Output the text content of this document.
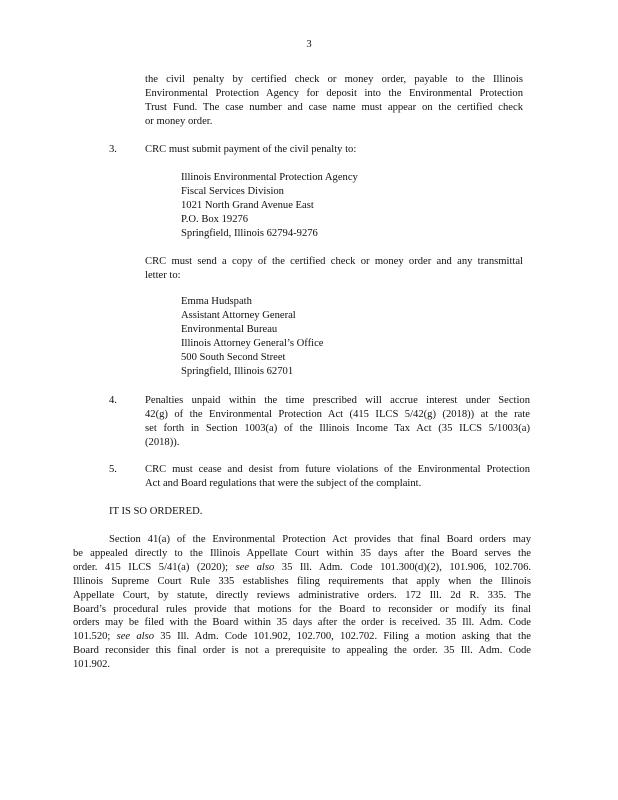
3
the civil penalty by certified check or money order, payable to the Illinois
Environmental Protection Agency for deposit into the Environmental Protection
Trust Fund. The case number and case name must appear on the certified check
or money order.
3.	CRC must submit payment of the civil penalty to:
Illinois Environmental Protection Agency
Fiscal Services Division
1021 North Grand Avenue East
P.O. Box 19276
Springfield, Illinois 62794-9276
CRC must send a copy of the certified check or money order and any transmittal
letter to:
Emma Hudspath
Assistant Attorney General
Environmental Bureau
Illinois Attorney General’s Office
500 South Second Street
Springfield, Illinois 62701
4.	Penalties unpaid within the time prescribed will accrue interest under Section
42(g) of the Environmental Protection Act (415 ILCS 5/42(g) (2018)) at the rate
set forth in Section 1003(a) of the Illinois Income Tax Act (35 ILCS 5/1003(a)
(2018)).
5.	CRC must cease and desist from future violations of the Environmental Protection
Act and Board regulations that were the subject of the complaint.
IT IS SO ORDERED.
Section 41(a) of the Environmental Protection Act provides that final Board orders may
be appealed directly to the Illinois Appellate Court within 35 days after the Board serves the
order. 415 ILCS 5/41(a) (2020); see also 35 Ill. Adm. Code 101.300(d)(2), 101.906, 102.706.
Illinois Supreme Court Rule 335 establishes filing requirements that apply when the Illinois
Appellate Court, by statute, directly reviews administrative orders. 172 Ill. 2d R. 335. The
Board’s procedural rules provide that motions for the Board to reconsider or modify its final
orders may be filed with the Board within 35 days after the order is received. 35 Ill. Adm. Code
101.520; see also 35 Ill. Adm. Code 101.902, 102.700, 102.702. Filing a motion asking that the
Board reconsider this final order is not a prerequisite to appealing the order. 35 Ill. Adm. Code
101.902.
